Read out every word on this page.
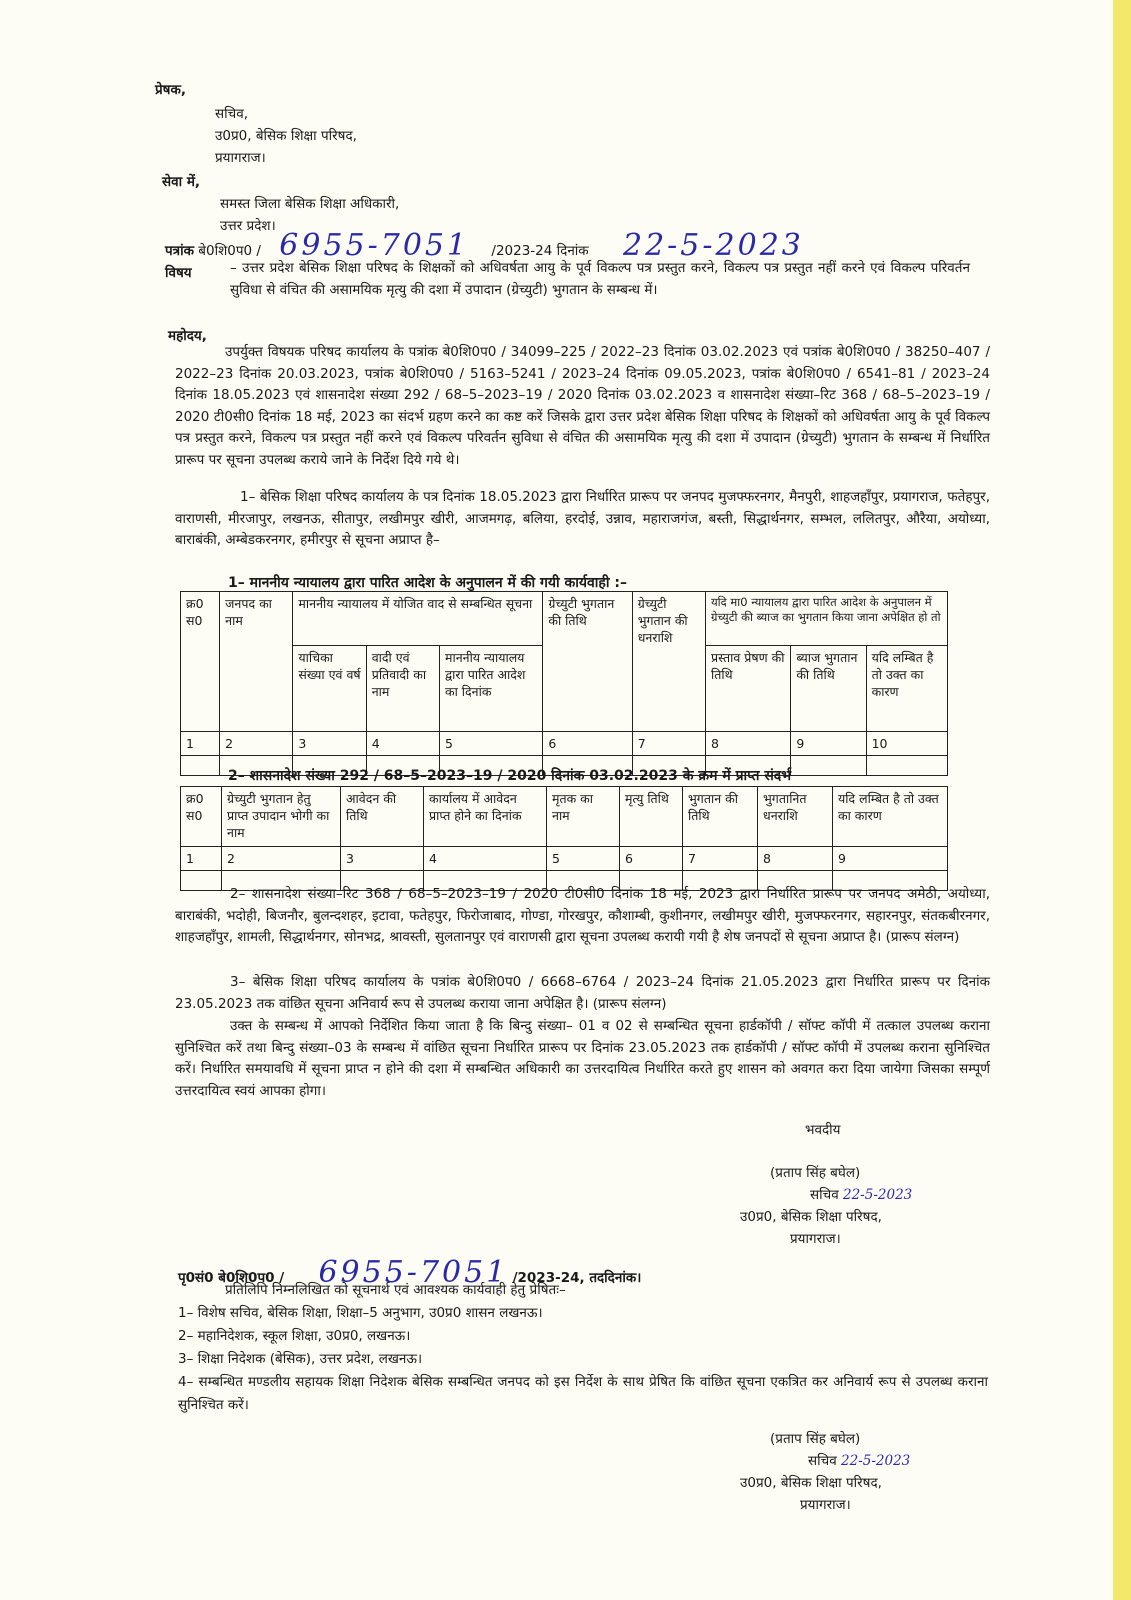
प्रेषक,
सचिव,
उ0प्र0, बेसिक शिक्षा परिषद,
प्रयागराज।
सेवा में,
समस्त जिला बेसिक शिक्षा अधिकारी,
उत्तर प्रदेश।
पत्रांक बे0शि0प0 / 6955-7051 /2023-24 दिनांक 22-5-2023
विषय	– उत्तर प्रदेश बेसिक शिक्षा परिषद के शिक्षकों को अधिवर्षता आयु के पूर्व विकल्प पत्र प्रस्तुत करने, विकल्प पत्र प्रस्तुत नहीं करने एवं विकल्प परिवर्तन सुविधा से वंचित की असामयिक मृत्यु की दशा में उपादान (ग्रेच्युटी) भुगतान के सम्बन्ध में।
महोदय,
उपर्युक्त विषयक परिषद कार्यालय के पत्रांक बे0शि0प0 / 34099–225 / 2022–23 दिनांक 03.02.2023 एवं पत्रांक बे0शि0प0 / 38250–407 / 2022–23 दिनांक 20.03.2023, पत्रांक बे0शि0प0 / 5163–5241 / 2023–24 दिनांक 09.05.2023, पत्रांक बे0शि0प0 / 6541–81 / 2023–24 दिनांक 18.05.2023 एवं शासनादेश संख्या 292 / 68–5–2023–19 / 2020 दिनांक 03.02.2023 व शासनादेश संख्या–रिट 368 / 68–5–2023–19 / 2020 टी0सी0 दिनांक 18 मई, 2023 का संदर्भ ग्रहण करने का कष्ट करें जिसके द्वारा उत्तर प्रदेश बेसिक शिक्षा परिषद के शिक्षकों को अधिवर्षता आयु के पूर्व विकल्प पत्र प्रस्तुत करने, विकल्प पत्र प्रस्तुत नहीं करने एवं विकल्प परिवर्तन सुविधा से वंचित की असामयिक मृत्यु की दशा में उपादान (ग्रेच्युटी) भुगतान के सम्बन्ध में निर्धारित प्रारूप पर सूचना उपलब्ध कराये जाने के निर्देश दिये गये थे।
1– बेसिक शिक्षा परिषद कार्यालय के पत्र दिनांक 18.05.2023 द्वारा निर्धारित प्रारूप पर जनपद मुजफ्फरनगर, मैनपुरी, शाहजहाँपुर, प्रयागराज, फतेहपुर, वाराणसी, मीरजापुर, लखनऊ, सीतापुर, लखीमपुर खीरी, आजमगढ़, बलिया, हरदोई, उन्नाव, महाराजगंज, बस्ती, सिद्धार्थनगर, सम्भल, ललितपुर, औरैया, अयोध्या, बाराबंकी, अम्बेडकरनगर, हमीरपुर से सूचना अप्राप्त है–
1– माननीय न्यायालय द्वारा पारित आदेश के अनुपालन में की गयी कार्यवाही :–
क्र0 स0	जनपद का नाम	माननीय न्यायालय में योजित वाद से सम्बन्धित सूचना			ग्रेच्युटी भुगतान की तिथि	ग्रेच्युटी भुगतान की धनराशि	यदि मा0 न्यायालय द्वारा पारित आदेश के अनुपालन में ग्रेच्युटी की ब्याज का भुगतान किया जाना अपेक्षित हो तो		
		याचिका संख्या एवं वर्ष	वादी एवं प्रतिवादी का नाम	माननीय न्यायालय द्वारा पारित आदेश का दिनांक			प्रस्ताव प्रेषण की तिथि	ब्याज भुगतान की तिथि	यदि लम्बित है तो उक्त का कारण
1	2	3	4	5	6	7	8	9	10

2– शासनादेश संख्या 292 / 68–5–2023–19 / 2020 दिनांक 03.02.2023 के क्रम में प्राप्त संदर्भ
क्र0 स0	ग्रेच्युटी भुगतान हेतु प्राप्त उपादान भोगी का नाम	आवेदन की तिथि	कार्यालय में आवेदन प्राप्त होने का दिनांक	मृतक का नाम	मृत्यु तिथि	भुगतान की तिथि	भुगतानित धनराशि	यदि लम्बित है तो उक्त का कारण
1	2	3	4	5	6	7	8	9

2– शासनादेश संख्या–रिट 368 / 68–5–2023–19 / 2020 टी0सी0 दिनांक 18 मई, 2023 द्वारा निर्धारित प्रारूप पर जनपद अमेठी, अयोध्या, बाराबंकी, भदोही, बिजनौर, बुलन्दशहर, इटावा, फतेहपुर, फिरोजाबाद, गोण्डा, गोरखपुर, कौशाम्बी, कुशीनगर, लखीमपुर खीरी, मुजफ्फरनगर, सहारनपुर, संतकबीरनगर, शाहजहाँपुर, शामली, सिद्धार्थनगर, सोनभद्र, श्रावस्ती, सुलतानपुर एवं वाराणसी द्वारा सूचना उपलब्ध करायी गयी है शेष जनपदों से सूचना अप्राप्त है। (प्रारूप संलग्न)
3– बेसिक शिक्षा परिषद कार्यालय के पत्रांक बे0शि0प0 / 6668–6764 / 2023–24 दिनांक 21.05.2023 द्वारा निर्धारित प्रारूप पर दिनांक 23.05.2023 तक वांछित सूचना अनिवार्य रूप से उपलब्ध कराया जाना अपेक्षित है। (प्रारूप संलग्न)
उक्त के सम्बन्ध में आपको निर्देशित किया जाता है कि बिन्दु संख्या– 01 व 02 से सम्बन्धित सूचना हार्डकॉपी / सॉफ्ट कॉपी में तत्काल उपलब्ध कराना सुनिश्चित करें तथा बिन्दु संख्या–03 के सम्बन्ध में वांछित सूचना निर्धारित प्रारूप पर दिनांक 23.05.2023 तक हार्डकॉपी / सॉफ्ट कॉपी में उपलब्ध कराना सुनिश्चित करें। निर्धारित समयावधि में सूचना प्राप्त न होने की दशा में सम्बन्धित अधिकारी का उत्तरदायित्व निर्धारित करते हुए शासन को अवगत करा दिया जायेगा जिसका सम्पूर्ण उत्तरदायित्व स्वयं आपका होगा।
भवदीय
(प्रताप सिंह बघेल)
सचिव 22-5-2023
उ0प्र0, बेसिक शिक्षा परिषद,
प्रयागराज।
पृ0सं0 बे0शि0प0 / 6955-7051 /2023-24, तददिनांक।
प्रतिलिपि निम्नलिखित को सूचनार्थ एवं आवश्यक कार्यवाही हेतु प्रेषितः–
1– विशेष सचिव, बेसिक शिक्षा, शिक्षा–5 अनुभाग, उ0प्र0 शासन लखनऊ।
2– महानिदेशक, स्कूल शिक्षा, उ0प्र0, लखनऊ।
3– शिक्षा निदेशक (बेसिक), उत्तर प्रदेश, लखनऊ।
4– सम्बन्धित मण्डलीय सहायक शिक्षा निदेशक बेसिक सम्बन्धित जनपद को इस निर्देश के साथ प्रेषित कि वांछित सूचना एकत्रित कर अनिवार्य रूप से उपलब्ध कराना सुनिश्चित करें।
(प्रताप सिंह बघेल)
सचिव 22-5-2023
उ0प्र0, बेसिक शिक्षा परिषद,
प्रयागराज।
